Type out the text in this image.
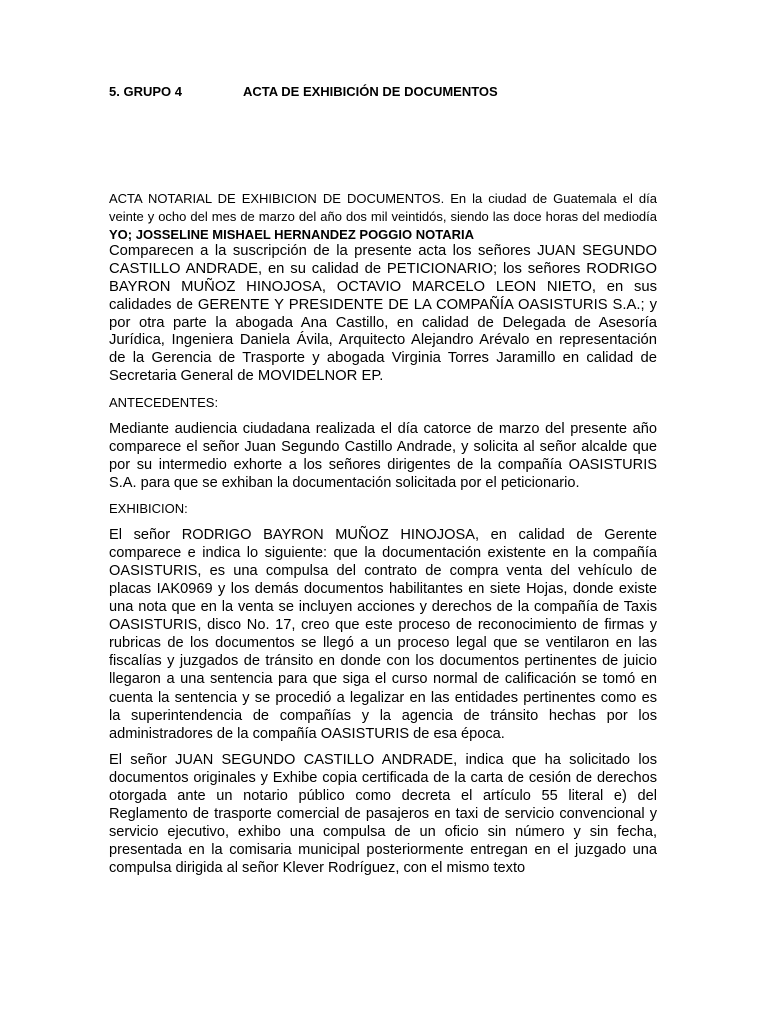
5. GRUPO 4	ACTA DE EXHIBICIÓN DE DOCUMENTOS

ACTA NOTARIAL DE EXHIBICION DE DOCUMENTOS. En la ciudad de Guatemala el día veinte y ocho del mes de marzo del año dos mil veintidós, siendo las doce horas del mediodía YO; JOSSELINE MISHAEL HERNANDEZ POGGIO NOTARIA

Comparecen a la suscripción de la presente acta los señores JUAN SEGUNDO CASTILLO ANDRADE, en su calidad de PETICIONARIO; los señores RODRIGO BAYRON MUÑOZ HINOJOSA, OCTAVIO MARCELO LEON NIETO, en sus calidades de GERENTE Y PRESIDENTE DE LA COMPAÑÍA OASISTURIS S.A.; y por otra parte la abogada Ana Castillo, en calidad de Delegada de Asesoría Jurídica, Ingeniera Daniela Ávila, Arquitecto Alejandro Arévalo en representación de la Gerencia de Trasporte y abogada Virginia Torres Jaramillo en calidad de Secretaria General de MOVIDELNOR EP.

ANTECEDENTES:

Mediante audiencia ciudadana realizada el día catorce de marzo del presente año comparece el señor Juan Segundo Castillo Andrade, y solicita al señor alcalde que por su intermedio exhorte a los señores dirigentes de la compañía OASISTURIS S.A. para que se exhiban la documentación solicitada por el peticionario.

EXHIBICION:

El señor RODRIGO BAYRON MUÑOZ HINOJOSA, en calidad de Gerente comparece e indica lo siguiente: que la documentación existente en la compañía OASISTURIS, es una compulsa del contrato de compra venta del vehículo de placas IAK0969 y los demás documentos habilitantes en siete Hojas, donde existe una nota que en la venta se incluyen acciones y derechos de la compañía de Taxis OASISTURIS, disco No. 17, creo que este proceso de reconocimiento de firmas y rubricas de los documentos se llegó a un proceso legal que se ventilaron en las fiscalías y juzgados de tránsito en donde con los documentos pertinentes de juicio llegaron a una sentencia para que siga el curso normal de calificación se tomó en cuenta la sentencia y se procedió a legalizar en las entidades pertinentes como es la superintendencia de compañías y la agencia de tránsito hechas por los administradores de la compañía OASISTURIS de esa época.

El señor JUAN SEGUNDO CASTILLO ANDRADE, indica que ha solicitado los documentos originales y Exhibe copia certificada de la carta de cesión de derechos otorgada ante un notario público como decreta el artículo 55 literal e) del Reglamento de trasporte comercial de pasajeros en taxi de servicio convencional y servicio ejecutivo, exhibo una compulsa de un oficio sin número y sin fecha, presentada en la comisaria municipal posteriormente entregan en el juzgado una compulsa dirigida al señor Klever Rodríguez, con el mismo texto
